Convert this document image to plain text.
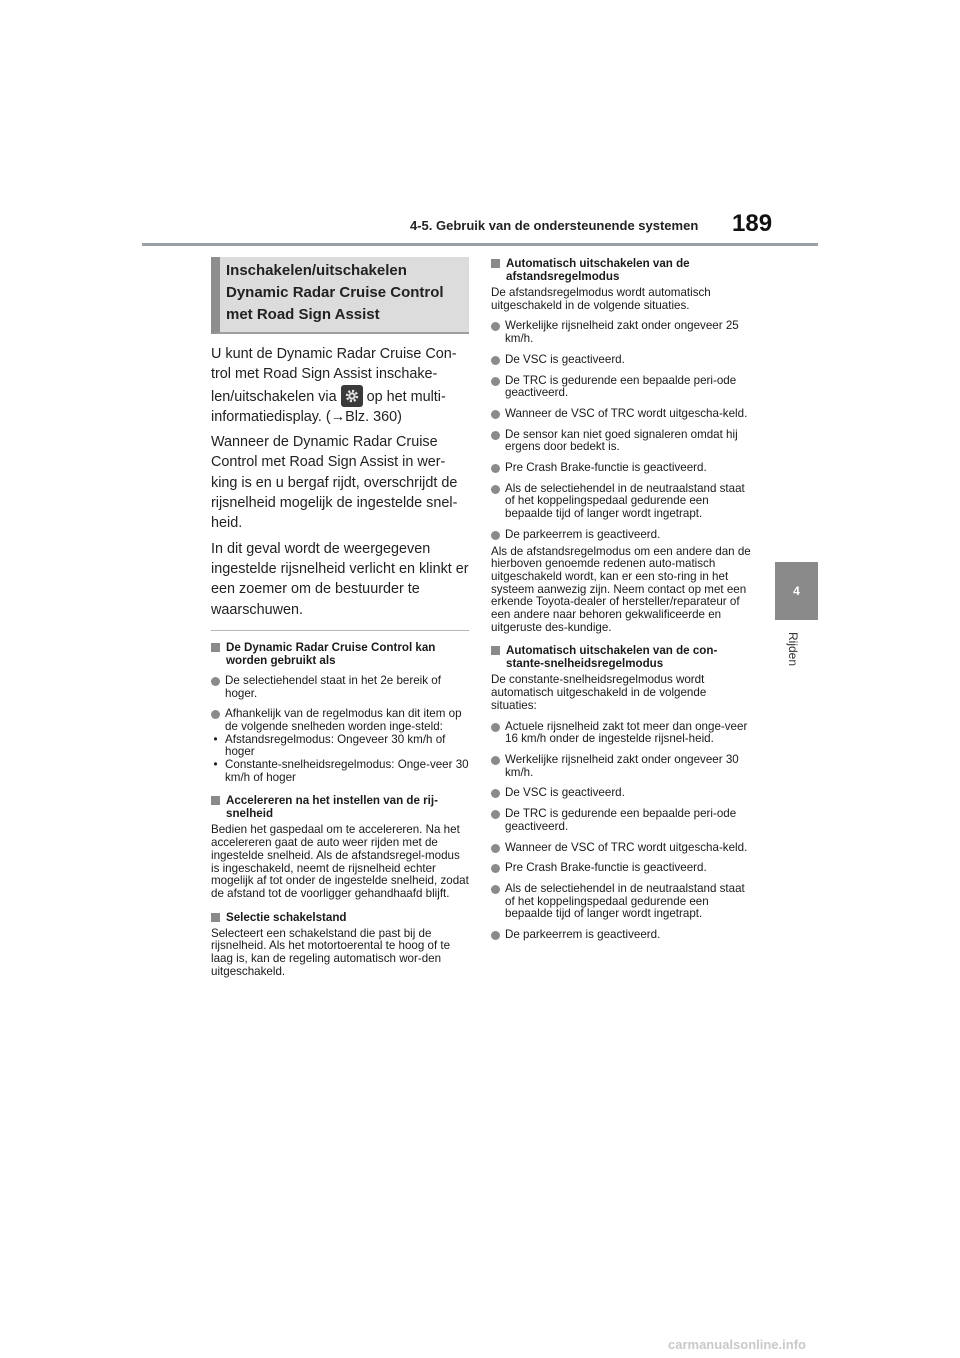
4-5. Gebruik van de ondersteunende systemen 189
4
Rijden
Inschakelen/uitschakelen
Dynamic Radar Cruise Control
met Road Sign Assist
U kunt de Dynamic Radar Cruise Con-
trol met Road Sign Assist inschake-
len/uitschakelen via op het multi-
informatiedisplay. (→Blz. 360)
Wanneer de Dynamic Radar Cruise Control met Road Sign Assist in wer-king is en u bergaf rijdt, overschrijdt de rijsnelheid mogelijk de ingestelde snel-heid.
In dit geval wordt de weergegeven ingestelde rijsnelheid verlicht en klinkt er een zoemer om de bestuurder te waarschuwen.
De Dynamic Radar Cruise Control kan worden gebruikt als
De selectiehendel staat in het 2e bereik of hoger.
Afhankelijk van de regelmodus kan dit item op de volgende snelheden worden inge-steld:
• Afstandsregelmodus: Ongeveer 30 km/h of hoger
• Constante-snelheidsregelmodus: Onge-veer 30 km/h of hoger
Accelereren na het instellen van de rij-snelheid
Bedien het gaspedaal om te accelereren. Na het accelereren gaat de auto weer rijden met de ingestelde snelheid. Als de afstandsregel-modus is ingeschakeld, neemt de rijsnelheid echter mogelijk af tot onder de ingestelde snelheid, zodat de afstand tot de voorligger gehandhaafd blijft.
Selectie schakelstand
Selecteert een schakelstand die past bij de rijsnelheid. Als het motortoerental te hoog of te laag is, kan de regeling automatisch wor-den uitgeschakeld.
Automatisch uitschakelen van de afstandsregelmodus
De afstandsregelmodus wordt automatisch uitgeschakeld in de volgende situaties.
Werkelijke rijsnelheid zakt onder ongeveer 25 km/h.
De VSC is geactiveerd.
De TRC is gedurende een bepaalde peri-ode geactiveerd.
Wanneer de VSC of TRC wordt uitgescha-keld.
De sensor kan niet goed signaleren omdat hij ergens door bedekt is.
Pre Crash Brake-functie is geactiveerd.
Als de selectiehendel in de neutraalstand staat of het koppelingspedaal gedurende een bepaalde tijd of langer wordt ingetrapt.
De parkeerrem is geactiveerd.
Als de afstandsregelmodus om een andere dan de hierboven genoemde redenen auto-matisch uitgeschakeld wordt, kan er een sto-ring in het systeem aanwezig zijn. Neem contact op met een erkende Toyota-dealer of hersteller/reparateur of een andere naar behoren gekwalificeerde en uitgeruste des-kundige.
Automatisch uitschakelen van de con-stante-snelheidsregelmodus
De constante-snelheidsregelmodus wordt automatisch uitgeschakeld in de volgende situaties:
Actuele rijsnelheid zakt tot meer dan onge-veer 16 km/h onder de ingestelde rijsnel-heid.
Werkelijke rijsnelheid zakt onder ongeveer 30 km/h.
De VSC is geactiveerd.
De TRC is gedurende een bepaalde peri-ode geactiveerd.
Wanneer de VSC of TRC wordt uitgescha-keld.
Pre Crash Brake-functie is geactiveerd.
Als de selectiehendel in de neutraalstand staat of het koppelingspedaal gedurende een bepaalde tijd of langer wordt ingetrapt.
De parkeerrem is geactiveerd.
carmanualsonline.info
